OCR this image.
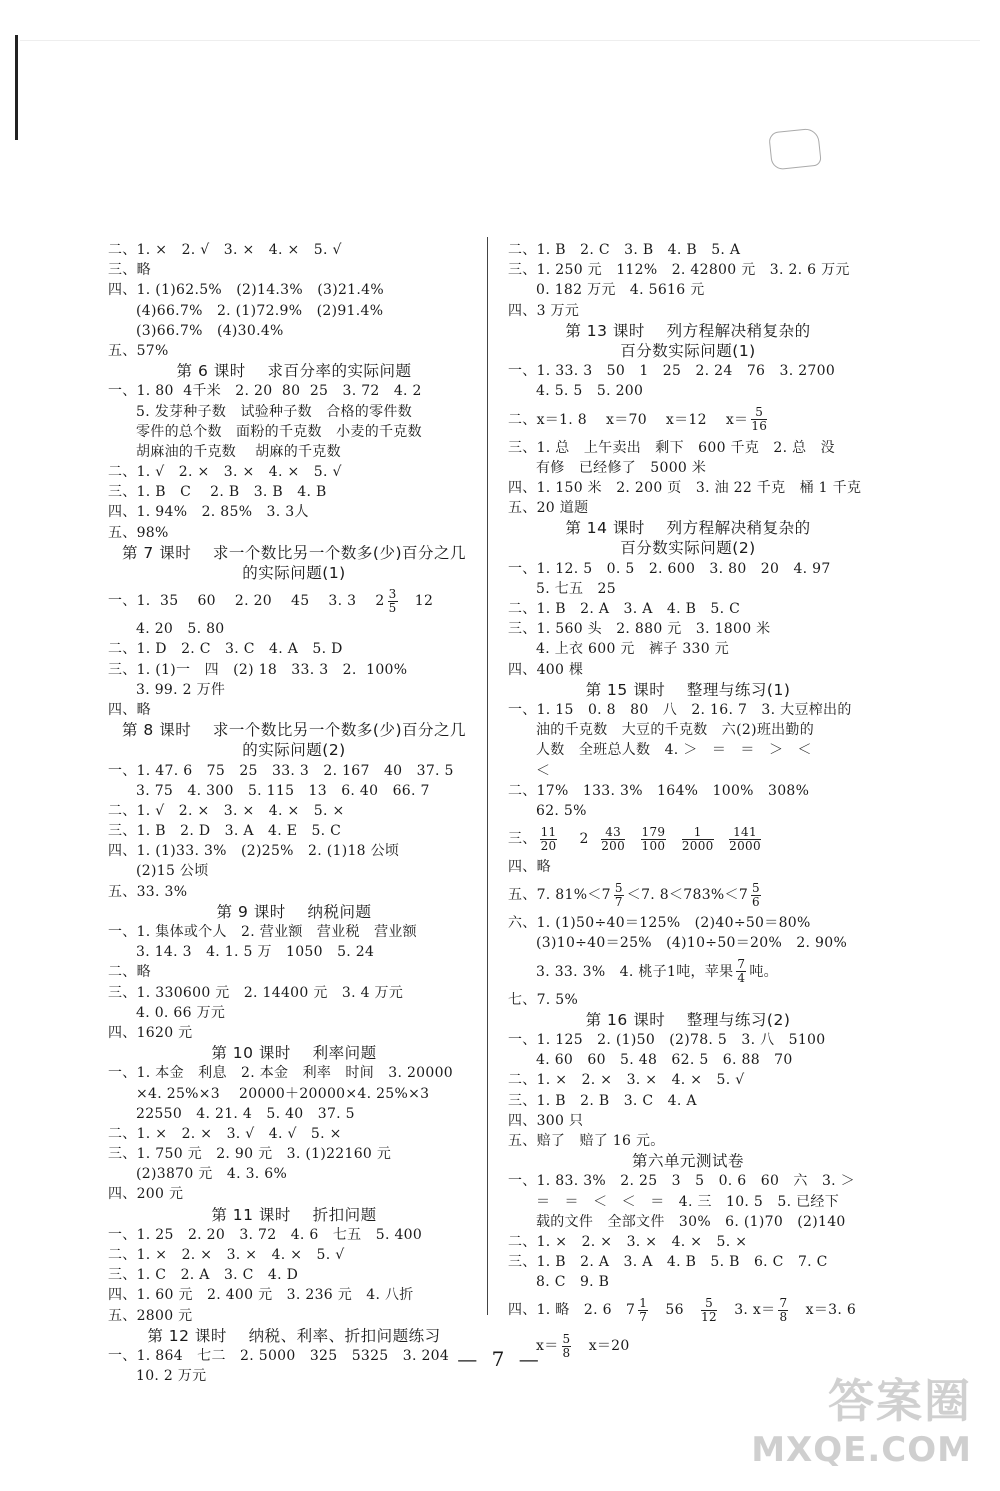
二、1. ×   2. √   3. ×   4. ×   5. √
三、略
四、1. (1)62.5%   (2)14.3%   (3)21.4%
(4)66.7%   2. (1)72.9%   (2)91.4%
(3)66.7%   (4)30.4%
五、57%
第 6 课时    求百分率的实际问题
一、1. 80  4千米   2. 20  80  25   3. 72   4. 2
5. 发芽种子数   试验种子数   合格的零件数
零件的总个数   面粉的千克数   小麦的千克数
胡麻油的千克数    胡麻的千克数
二、1. √   2. ×   3. ×   4. ×   5. √
三、1. B   C    2. B   3. B   4. B
四、1. 94%   2. 85%   3. 3人
五、98%
第 7 课时    求一个数比另一个数多(少)百分之几
的实际问题(1)
一、1.  35    60    2. 20    45    3. 3    $2 \frac{3}{5} 12$
4. 20   5. 80
二、1. D   2. C   3. C   4. A   5. D
三、1. (1)一   四   (2) 18   33. 3   2.  100%
3. 99. 2 万件
四、略
第 8 课时    求一个数比另一个数多(少)百分之几
的实际问题(2)
一、1. 47. 6   75   25   33. 3   2. 167   40   37. 5
3. 75   4. 300   5. 115   13   6. 40   66. 7
二、1. √   2. ×   3. ×   4. ×   5. ×
三、1. B   2. D   3. A   4. E   5. C
四、1. (1)33. 3%   (2)25%   2. (1)18 公顷
(2)15 公顷
五、33. 3%
第 9 课时    纳税问题
一、1. 集体或个人   2. 营业额   营业税   营业额
3. 14. 3   4. 1. 5 万   1050   5. 24
二、略
三、1. 330600 元   2. 14400 元   3. 4 万元
4. 0. 66 万元
四、1620 元
第 10 课时    利率问题
一、1. 本金   利息   2. 本金   利率   时间   3. 20000
×4. 25%×3    20000＋20000×4. 25%×3
22550   4. 21. 4   5. 40   37. 5
二、1. ×   2. ×   3. √   4. √   5. ×
三、1. 750 元   2. 90 元   3. (1)22160 元
(2)3870 元   4. 3. 6%
四、200 元
第 11 课时    折扣问题
一、1. 25   2. 20   3. 72   4. 6   七五   5. 400
二、1. ×   2. ×   3. ×   4. ×   5. √
三、1. C   2. A   3. C   4. D
四、1. 60 元   2. 400 元   3. 236 元   4. 八折
五、2800 元
第 12 课时    纳税、利率、折扣问题练习
一、1. 864   七二   2. 5000   325   5325   3. 204
10. 2 万元
二、1. B   2. C   3. B   4. B   5. A
三、1. 250 元   112%   2. 42800 元   3. 2. 6 万元
0. 182 万元   4. 5616 元
四、3 万元
第 13 课时    列方程解决稍复杂的
百分数实际问题(1)
一、1. 33. 3   50   1   25   2. 24   76   3. 2700
4. 5. 5   5. 200
二、x＝1. 8    x＝70    x＝12    $x= \frac{5}{16}$
三、1. 总   上午卖出   剩下   600 千克   2. 总   没
有修   已经修了   5000 米
四、1. 150 米   2. 200 页   3. 油 22 千克   桶 1 千克
五、20 道题
第 14 课时    列方程解决稍复杂的
百分数实际问题(2)
一、1. 12. 5   0. 5   2. 600   3. 80   20   4. 97
5. 七五   25
二、1. B   2. A   3. A   4. B   5. C
三、1. 560 头   2. 880 元   3. 1800 米
4. 上衣 600 元   裤子 330 元
四、400 棵
第 15 课时    整理与练习(1)
一、1. 15   0. 8   80   八   2. 16. 7   3. 大豆榨出的
油的千克数   大豆的千克数   六(2)班出勤的
人数   全班总人数   4. ＞   ＝   ＝   ＞   ＜
＜
二、17%   133. 3%   164%   100%   308%
62. 5%
三、 $\frac{11}{20} 2 \frac{43}{200}$
$\frac{179}{100}$
$\frac{1}{2000}$
$\frac{141}{2000}$

四、略
五、7. $81\%<7 \frac{5}{7} <7$. $8<783\%<7 \frac{5}{6}$
六、1. (1)50÷40＝125%   (2)40÷50＝80%
(3)10÷40＝25%   (4)10÷50＝20%   2. 90%
3. 33. 3%   4. 桃子1吨，苹果 $\frac{7}{4}$ 吨。
七、7. 5%
第 16 课时    整理与练习(2)
一、1. 125   2. (1)50   (2)78. 5   3. 八   5100
4. 60   60   5. 48   62. 5   6. 88   70
二、1. ×   2. ×   3. ×   4. ×   5. √
三、1. B   2. B   3. C   4. A
四、300 只
五、赔了   赔了 16 元。
第六单元测试卷
一、1. 83. 3%   2. 25   3   5   0. 6   60   六   3. ＞
＝   ＝   ＜   ＜   ＝   4. 三   10. 5   5. 已经下
载的文件   全部文件   30%   6. (1)70   (2)140
二、1. ×   2. ×   3. ×   4. ×   5. ×
三、1. B   2. A   3. A   4. B   5. B   6. C   7. C
8. C   9. B
四、1. 略   2. 6   $7 \frac{1}{7} 56 \frac{5}{12} 3$. $x= \frac{7}{8} x=3$. 6
$x= \frac{5}{8} x=20$
— 7 —
答案圈
MXQE.COM
